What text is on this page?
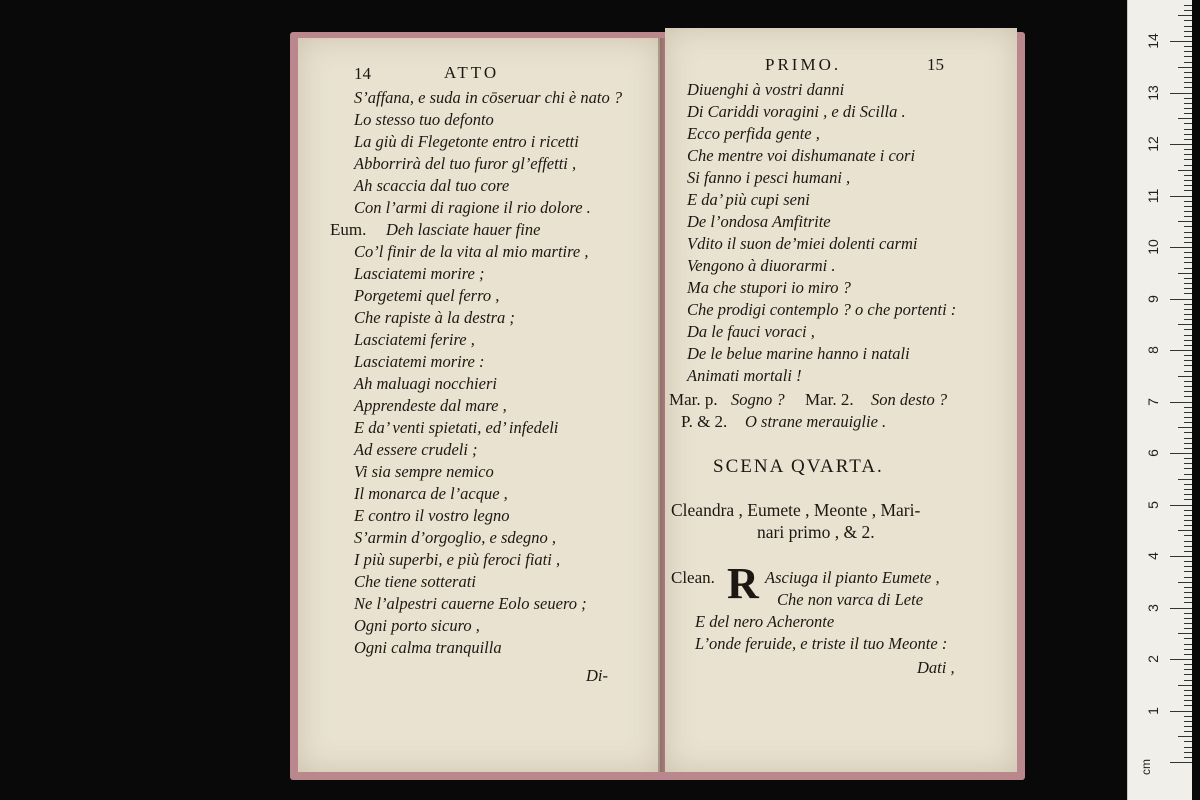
14	ATTO
S’affana, e suda in cōseruar chi è nato ?
Lo stesso tuo defonto
La giù di Flegetonte entro i ricetti
Abborrirà del tuo furor gl’effetti ,
Ah scaccia dal tuo core
Con l’armi di ragione il rio dolore .
Eum. Deh lasciate hauer fine
Co’l finir de la vita al mio martire ,
Lasciatemi morire ;
Porgetemi quel ferro ,
Che rapiste à la destra ;
Lasciatemi ferire ,
Lasciatemi morire :
Ah maluagi nocchieri
Apprendeste dal mare ,
E da’ venti spietati, ed’ infedeli
Ad essere crudeli ;
Vi sia sempre nemico
Il monarca de l’acque ,
E contro il vostro legno
S’armin d’orgoglio, e sdegno ,
I più superbi, e più feroci fiati ,
Che tiene sotterati
Ne l’alpestri cauerne Eolo seuero ;
Ogni porto sicuro ,
Ogni calma tranquilla
Di-
PRIMO.	15
Diuenghi à vostri danni
Di Cariddi voragini , e di Scilla .
Ecco perfida gente ,
Che mentre voi dishumanate i cori
Si fanno i pesci humani ,
E da’ più cupi seni
De l’ondosa Amfitrite
Vdito il suon de’miei dolenti carmi
Vengono à diuorarmi .
Ma che stupori io miro ?
Che prodigi contemplo ? o che portenti :
Da le fauci voraci ,
De le belue marine hanno i natali
Animati mortali !
Mar. p. Sogno ? Mar. 2. Son desto ?
P. & 2. O strane merauiglie .
SCENA QVARTA.
Cleandra , Eumete , Meonte , Mari-
nari primo , & 2.
Clean. R Asciuga il pianto Eumete ,
Che non varca di Lete
E del nero Acheronte
L’onde feruide, e triste il tuo Meonte :
Dati ,
cm
1
2
3
4
5
6
7
8
9
10
11
12
13
14
